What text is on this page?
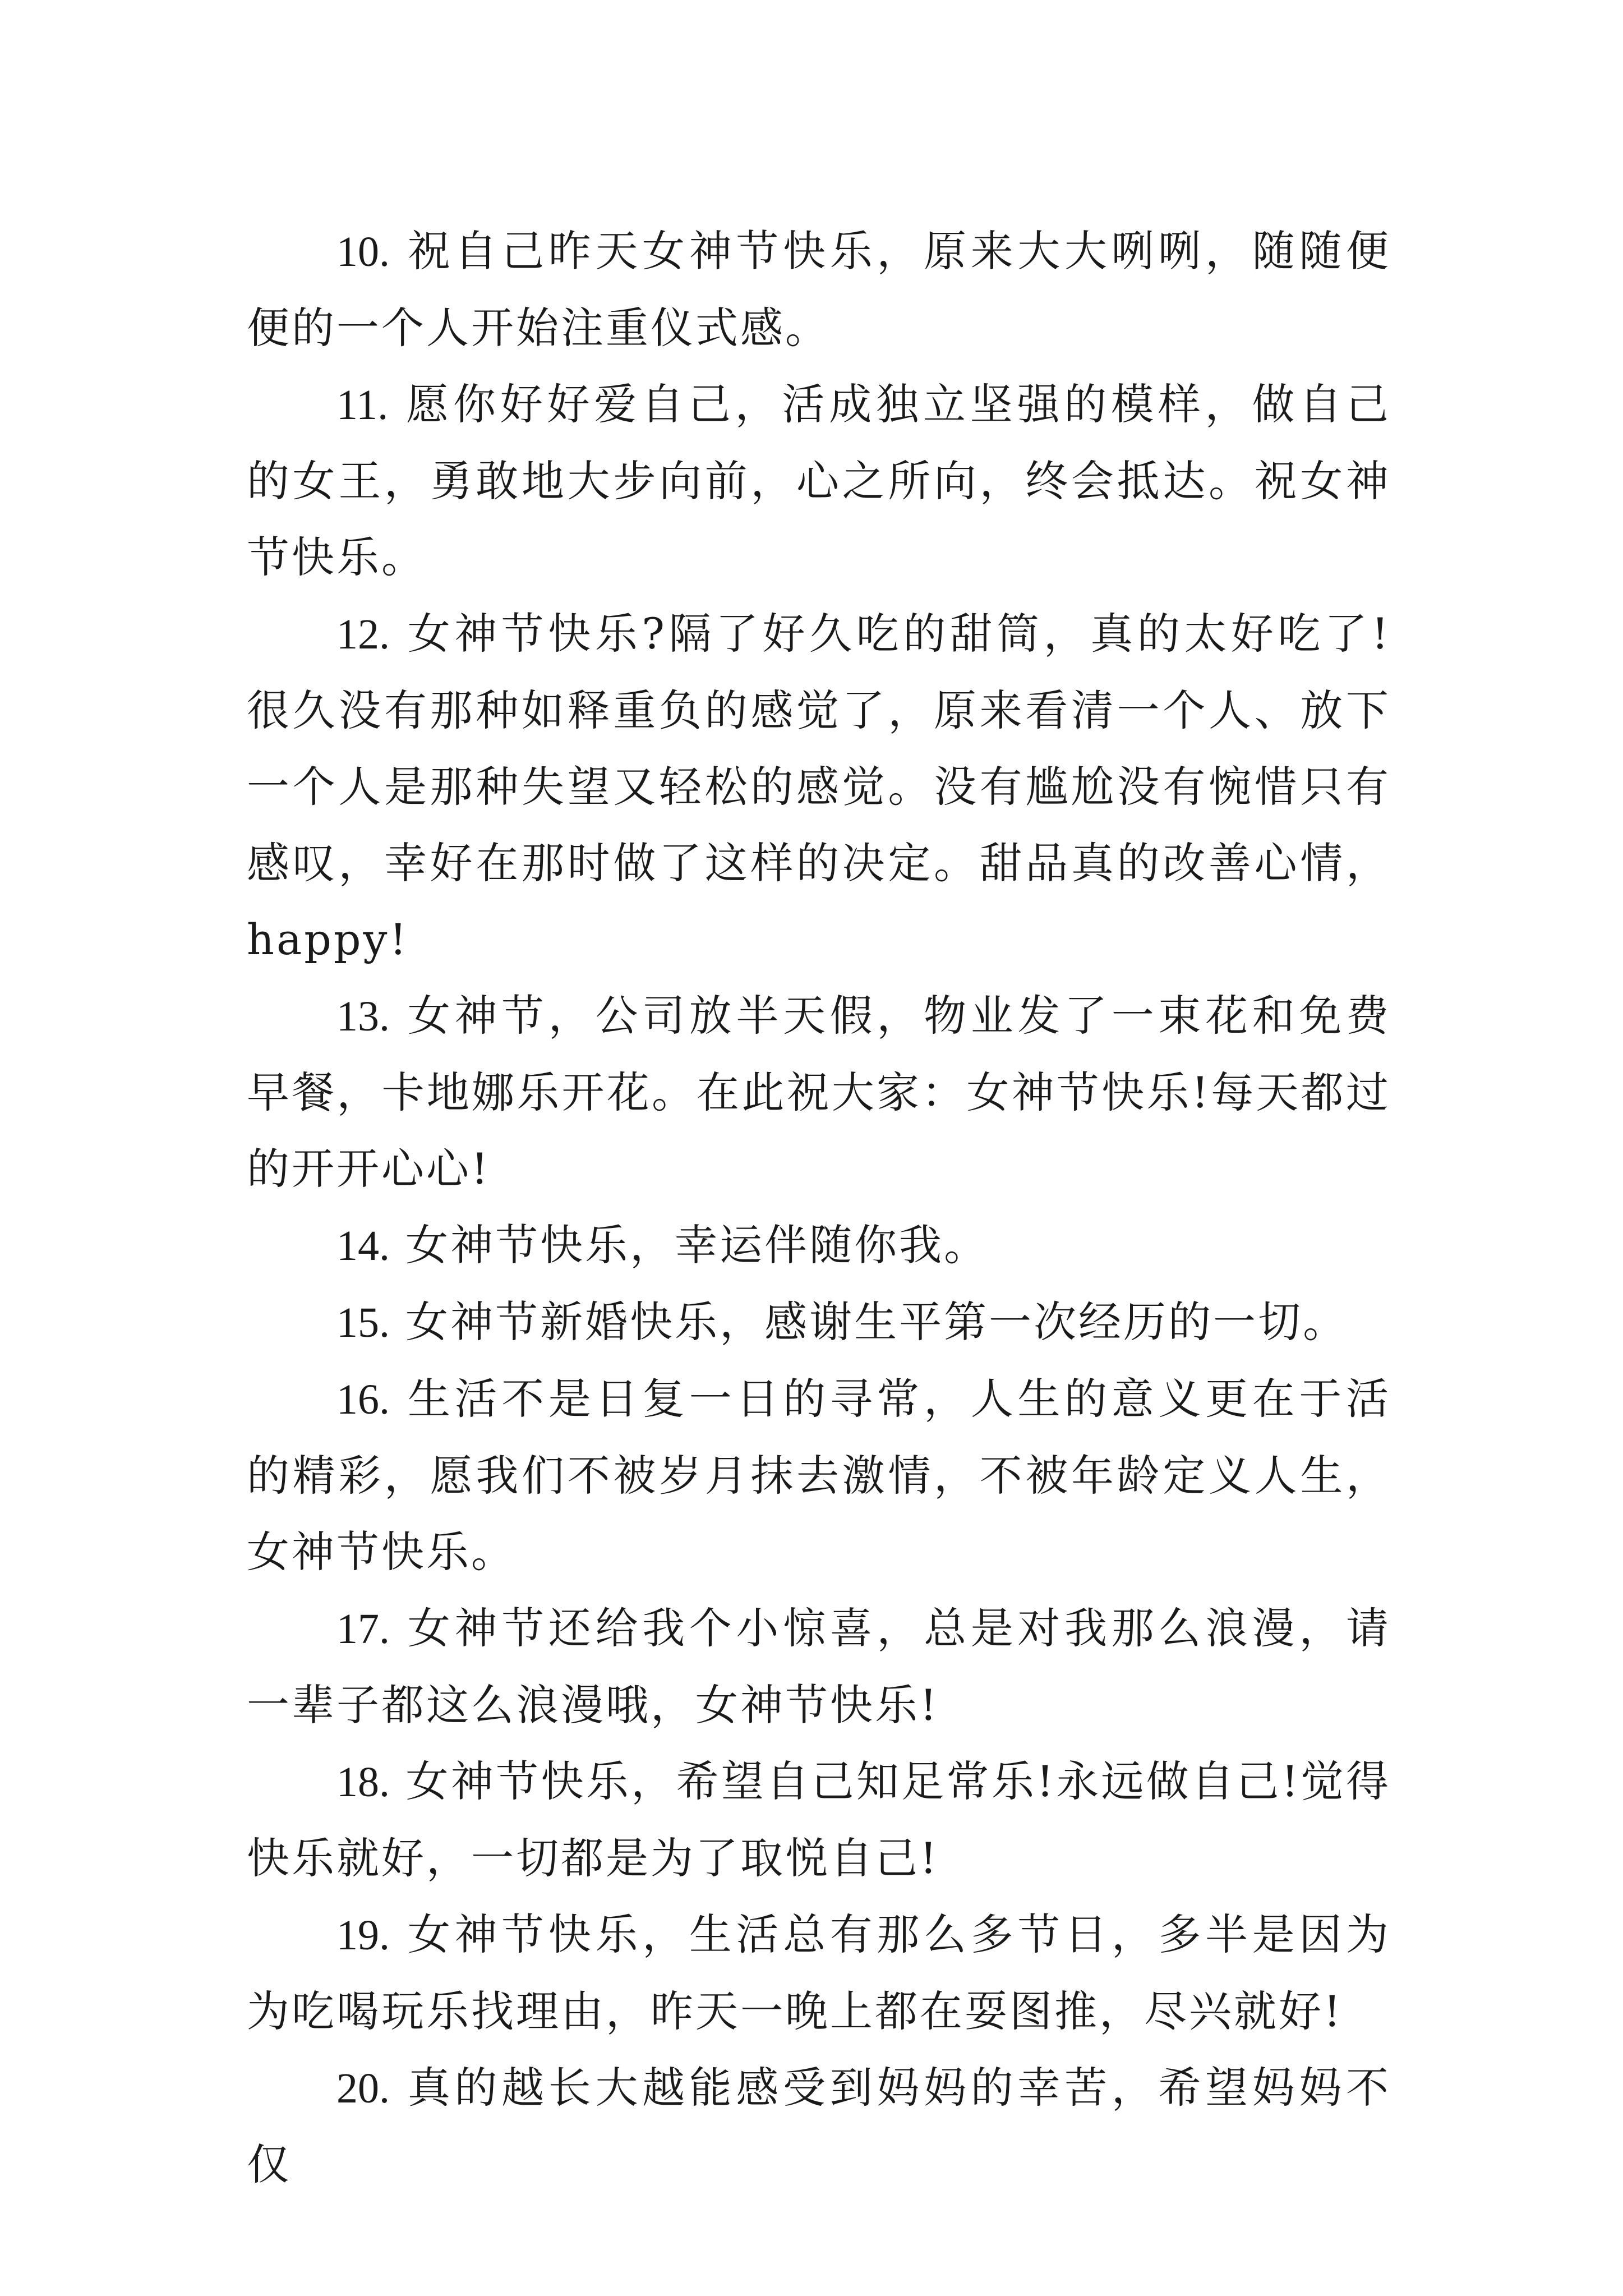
10. 祝自己昨天女神节快乐，原来大大咧咧，随随便便的一个人开始注重仪式感。

11. 愿你好好爱自己，活成独立坚强的模样，做自己的女王，勇敢地大步向前，心之所向，终会抵达。祝女神节快乐。

12. 女神节快乐?隔了好久吃的甜筒，真的太好吃了!很久没有那种如释重负的感觉了，原来看清一个人、放下一个人是那种失望又轻松的感觉。没有尴尬没有惋惜只有感叹，幸好在那时做了这样的决定。甜品真的改善心情，happy!

13. 女神节，公司放半天假，物业发了一束花和免费早餐，卡地娜乐开花。在此祝大家：女神节快乐!每天都过的开开心心!

14. 女神节快乐，幸运伴随你我。

15. 女神节新婚快乐，感谢生平第一次经历的一切。

16. 生活不是日复一日的寻常，人生的意义更在于活的精彩，愿我们不被岁月抹去激情，不被年龄定义人生，女神节快乐。

17. 女神节还给我个小惊喜，总是对我那么浪漫，请一辈子都这么浪漫哦，女神节快乐!

18. 女神节快乐，希望自己知足常乐!永远做自己!觉得快乐就好，一切都是为了取悦自己!

19. 女神节快乐，生活总有那么多节日，多半是因为为吃喝玩乐找理由，昨天一晚上都在耍图推，尽兴就好!

20. 真的越长大越能感受到妈妈的幸苦，希望妈妈不仅
